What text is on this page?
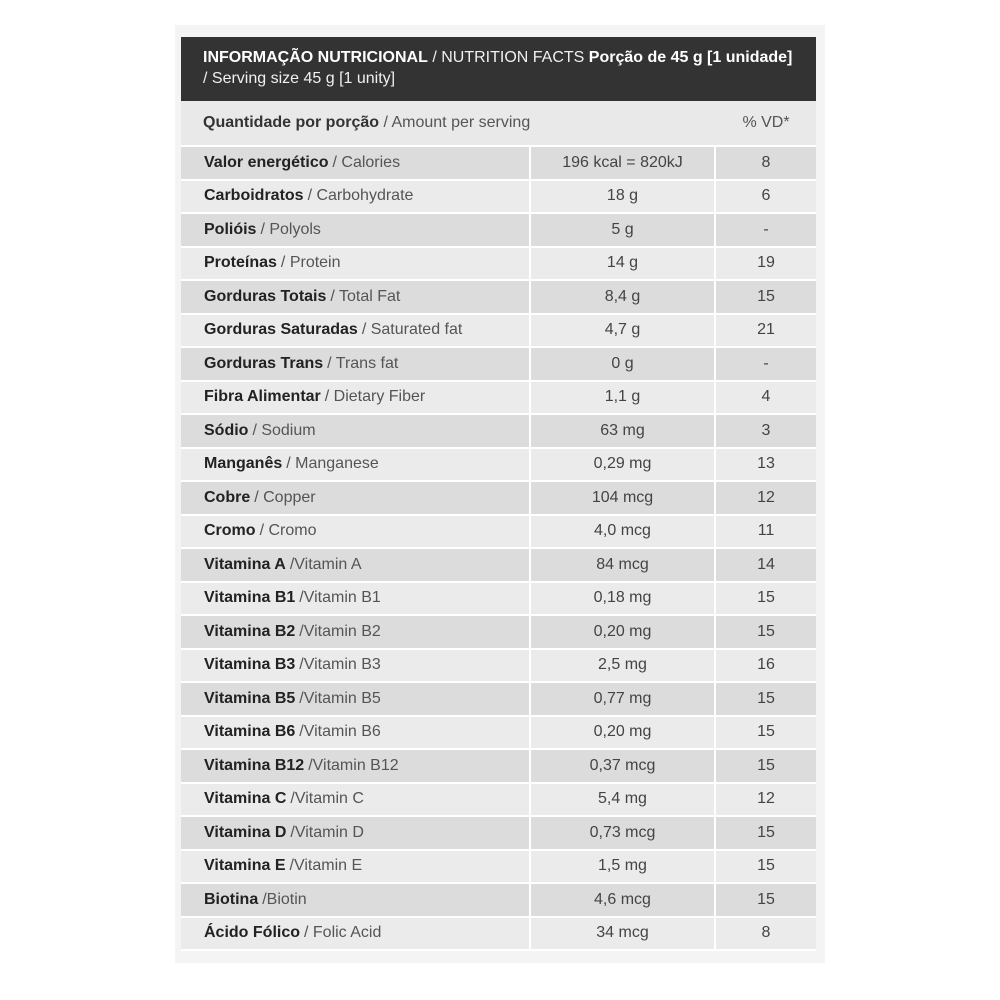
INFORMAÇÃO NUTRICIONAL / NUTRITION FACTS Porção de 45 g [1 unidade] / Serving size 45 g [1 unity]
Quantidade por porção / Amount per serving	% VD*
Valor energético / Calories	196 kcal = 820kJ	8
Carboidratos / Carbohydrate	18 g	6
Polióis / Polyols	5 g	-
Proteínas / Protein	14 g	19
Gorduras Totais / Total Fat	8,4 g	15
Gorduras Saturadas / Saturated fat	4,7 g	21
Gorduras Trans / Trans fat	0 g	-
Fibra Alimentar / Dietary Fiber	1,1 g	4
Sódio / Sodium	63 mg	3
Manganês / Manganese	0,29 mg	13
Cobre / Copper	104 mcg	12
Cromo / Cromo	4,0 mcg	11
Vitamina A /Vitamin A	84 mcg	14
Vitamina B1 /Vitamin B1	0,18 mg	15
Vitamina B2 /Vitamin B2	0,20 mg	15
Vitamina B3 /Vitamin B3	2,5 mg	16
Vitamina B5 /Vitamin B5	0,77 mg	15
Vitamina B6 /Vitamin B6	0,20 mg	15
Vitamina B12 /Vitamin B12	0,37 mcg	15
Vitamina C /Vitamin C	5,4 mg	12
Vitamina D /Vitamin D	0,73 mcg	15
Vitamina E /Vitamin E	1,5 mg	15
Biotina /Biotin	4,6 mcg	15
Ácido Fólico / Folic Acid	34 mcg	8
